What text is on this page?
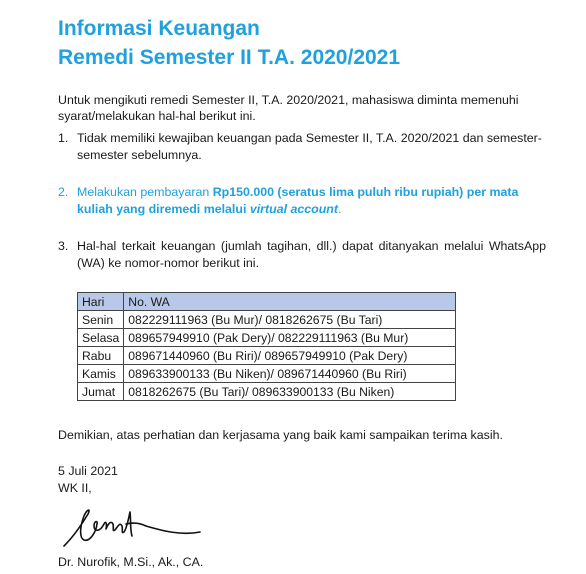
Informasi Keuangan
Remedi Semester II T.A. 2020/2021
Untuk mengikuti remedi Semester II, T.A. 2020/2021, mahasiswa diminta memenuhi syarat/melakukan hal-hal berikut ini.
1. Tidak memiliki kewajiban keuangan pada Semester II, T.A. 2020/2021 dan semester-semester sebelumnya.
2. Melakukan pembayaran Rp150.000 (seratus lima puluh ribu rupiah) per mata kuliah yang diremedi melalui virtual account.
3. Hal-hal terkait keuangan (jumlah tagihan, dll.) dapat ditanyakan melalui WhatsApp (WA) ke nomor-nomor berikut ini.
Hari	No. WA
Senin	082229111963 (Bu Mur)/ 0818262675 (Bu Tari)
Selasa	089657949910 (Pak Dery)/ 082229111963 (Bu Mur)
Rabu	089671440960 (Bu Riri)/ 089657949910 (Pak Dery)
Kamis	089633900133 (Bu Niken)/ 089671440960 (Bu Riri)
Jumat	0818262675 (Bu Tari)/ 089633900133 (Bu Niken)
Demikian, atas perhatian dan kerjasama yang baik kami sampaikan terima kasih.
5 Juli 2021
WK II,
Dr. Nurofik, M.Si., Ak., CA.
